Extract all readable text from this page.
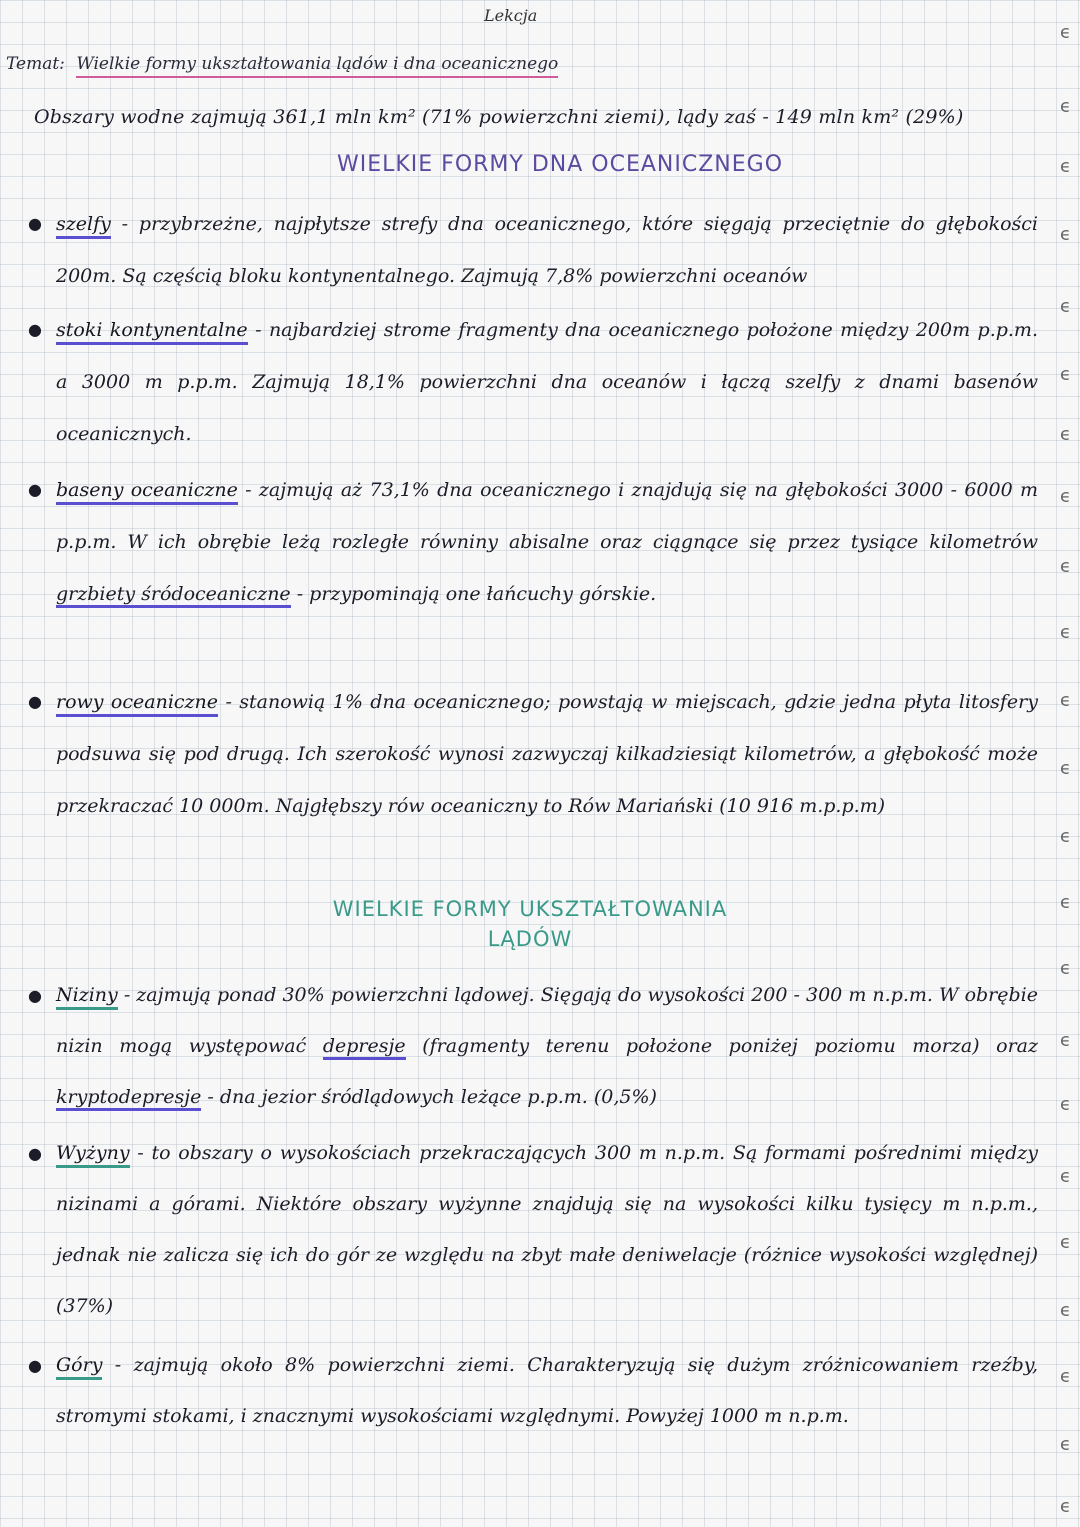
Lekcja
Temat: Wielkie formy ukształtowania lądów i dna oceanicznego
Obszary wodne zajmują 361,1 mln km² (71% powierzchni ziemi), lądy zaś - 149 mln km² (29%)
WIELKIE FORMY DNA OCEANICZNEGO
● szelfy - przybrzeżne, najpłytsze strefy dna oceanicznego, które sięgają przeciętnie do głębokości 200m. Są częścią bloku kontynentalnego. Zajmują 7,8% powierzchni oceanów

● stoki kontynentalne - najbardziej strome fragmenty dna oceanicznego położone między 200m p.p.m. a 3000 m p.p.m. Zajmują 18,1% powierzchni dna oceanów i łączą szelfy z dnami basenów oceanicznych.

● baseny oceaniczne - zajmują aż 73,1% dna oceanicznego i znajdują się na głębokości 3000 - 6000 m p.p.m. W ich obrębie leżą rozległe równiny abisalne oraz ciągnące się przez tysiące kilometrów grzbiety śródoceaniczne - przypominają one łańcuchy górskie.

● rowy oceaniczne - stanowią 1% dna oceanicznego; powstają w miejscach, gdzie jedna płyta litosfery podsuwa się pod drugą. Ich szerokość wynosi zazwyczaj kilkadziesiąt kilometrów, a głębokość może przekraczać 10 000m. Najgłębszy rów oceaniczny to Rów Mariański (10 916 m.p.p.m)

WIELKIE FORMY UKSZTAŁTOWANIA
LĄDÓW
● Niziny - zajmują ponad 30% powierzchni lądowej. Sięgają do wysokości 200 - 300 m n.p.m. W obrębie nizin mogą występować depresje (fragmenty terenu położone poniżej poziomu morza) oraz kryptodepresje - dna jezior śródlądowych leżące p.p.m. (0,5%)

● Wyżyny - to obszary o wysokościach przekraczających 300 m n.p.m. Są formami pośrednimi między nizinami a górami. Niektóre obszary wyżynne znajdują się na wysokości kilku tysięcy m n.p.m., jednak nie zalicza się ich do gór ze względu na zbyt małe deniwelacje (różnice wysokości względnej) (37%)

● Góry - zajmują około 8% powierzchni ziemi. Charakteryzują się dużym zróżnicowaniem rzeźby, stromymi stokami, i znacznymi wysokościami względnymi. Powyżej 1000 m n.p.m.

ϵ
ϵ
ϵ
ϵ
ϵ
ϵ
ϵ
ϵ
ϵ
ϵ
ϵ
ϵ
ϵ
ϵ
ϵ
ϵ
ϵ
ϵ
ϵ
ϵ
ϵ
ϵ
ϵ
